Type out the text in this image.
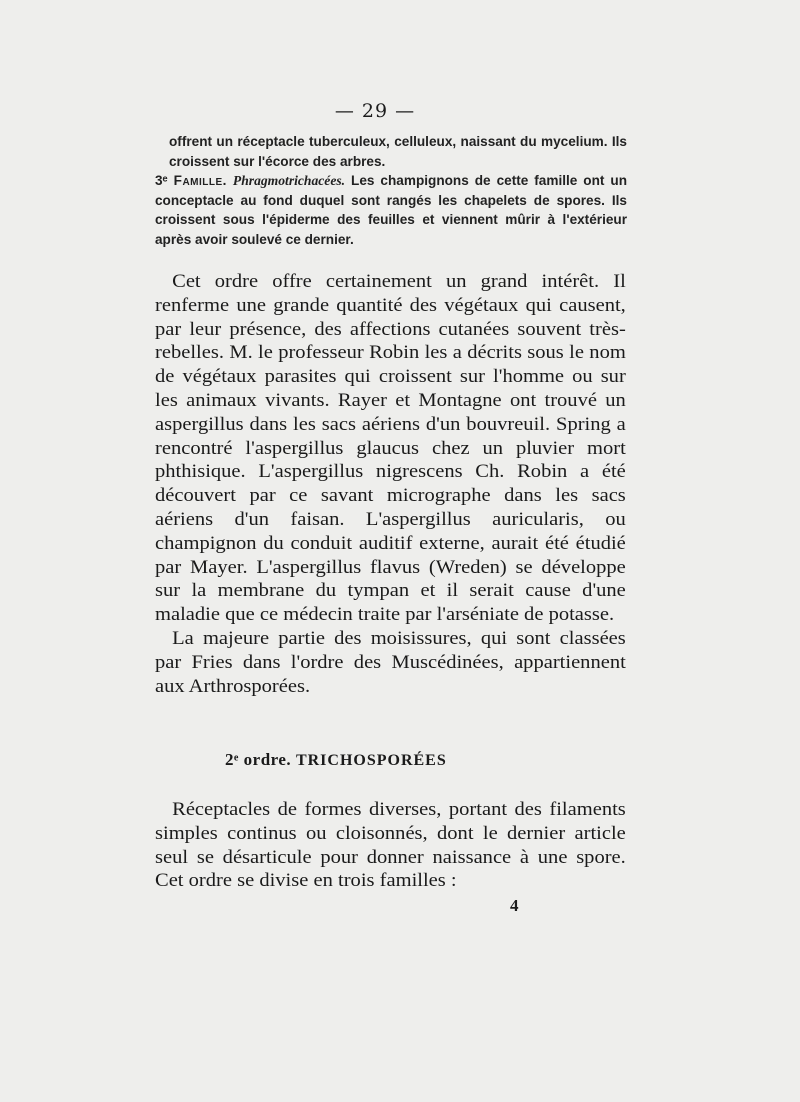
— 29 —
offrent un réceptacle tuberculeux, celluleux, naissant du mycelium. Ils croissent sur l'écorce des arbres.
3ᵉ Famille. Phragmotrichacées. Les champignons de cette famille ont un conceptacle au fond duquel sont rangés les chapelets de spores. Ils croissent sous l'épiderme des feuilles et viennent mûrir à l'extérieur après avoir soulevé ce dernier.

Cet ordre offre certainement un grand intérêt. Il renferme une grande quantité des végétaux qui causent, par leur présence, des affections cutanées souvent très-rebelles. M. le professeur Robin les a décrits sous le nom de végétaux parasites qui croissent sur l'homme ou sur les animaux vivants. Rayer et Montagne ont trouvé un aspergillus dans les sacs aériens d'un bouvreuil. Spring a rencontré l'aspergillus glaucus chez un pluvier mort phthisique. L'aspergillus nigrescens Ch. Robin a été découvert par ce savant micrographe dans les sacs aériens d'un faisan. L'aspergillus auricularis, ou champignon du conduit auditif externe, aurait été étudié par Mayer. L'aspergillus flavus (Wreden) se développe sur la membrane du tympan et il serait cause d'une maladie que ce médecin traite par l'arséniate de potasse.

La majeure partie des moisissures, qui sont classées par Fries dans l'ordre des Muscédinées, appartiennent aux Arthrosporées.

2ᵉ ordre. TRICHOSPORÉES

Réceptacles de formes diverses, portant des filaments simples continus ou cloisonnés, dont le dernier article seul se désarticule pour donner naissance à une spore. Cet ordre se divise en trois familles :

4
